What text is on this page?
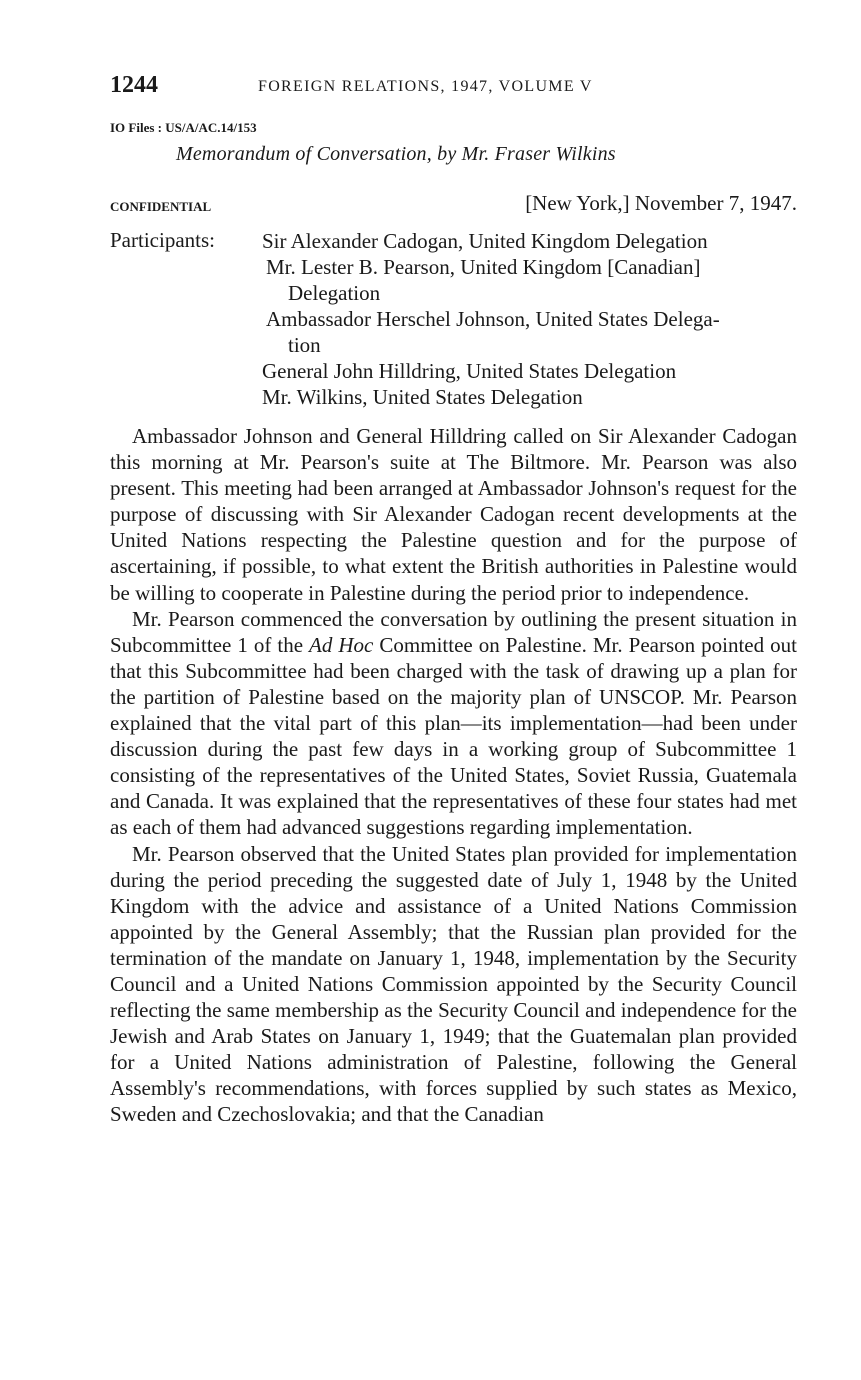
1244	FOREIGN RELATIONS, 1947, VOLUME V
IO Files : US/A/AC.14/153
Memorandum of Conversation, by Mr. Fraser Wilkins
CONFIDENTIAL	[New York,] November 7, 1947.
Participants: Sir Alexander Cadogan, United Kingdom Delegation
Mr. Lester B. Pearson, United Kingdom [Canadian]
Delegation
Ambassador Herschel Johnson, United States Delega-
tion
General John Hilldring, United States Delegation
Mr. Wilkins, United States Delegation

Ambassador Johnson and General Hilldring called on Sir Alexander Cadogan this morning at Mr. Pearson's suite at The Biltmore. Mr. Pearson was also present. This meeting had been arranged at Ambassador Johnson's request for the purpose of discussing with Sir Alexander Cadogan recent developments at the United Nations respecting the Palestine question and for the purpose of ascertaining, if possible, to what extent the British authorities in Palestine would be willing to cooperate in Palestine during the period prior to independence.

Mr. Pearson commenced the conversation by outlining the present situation in Subcommittee 1 of the Ad Hoc Committee on Palestine. Mr. Pearson pointed out that this Subcommittee had been charged with the task of drawing up a plan for the partition of Palestine based on the majority plan of UNSCOP. Mr. Pearson explained that the vital part of this plan—its implementation—had been under discussion during the past few days in a working group of Subcommittee 1 consisting of the representatives of the United States, Soviet Russia, Guatemala and Canada. It was explained that the representatives of these four states had met as each of them had advanced suggestions regarding implementation.

Mr. Pearson observed that the United States plan provided for implementation during the period preceding the suggested date of July 1, 1948 by the United Kingdom with the advice and assistance of a United Nations Commission appointed by the General Assembly; that the Russian plan provided for the termination of the mandate on January 1, 1948, implementation by the Security Council and a United Nations Commission appointed by the Security Council reflecting the same membership as the Security Council and independence for the Jewish and Arab States on January 1, 1949; that the Guatemalan plan provided for a United Nations administration of Palestine, following the General Assembly's recommendations, with forces supplied by such states as Mexico, Sweden and Czechoslovakia; and that the Canadian
